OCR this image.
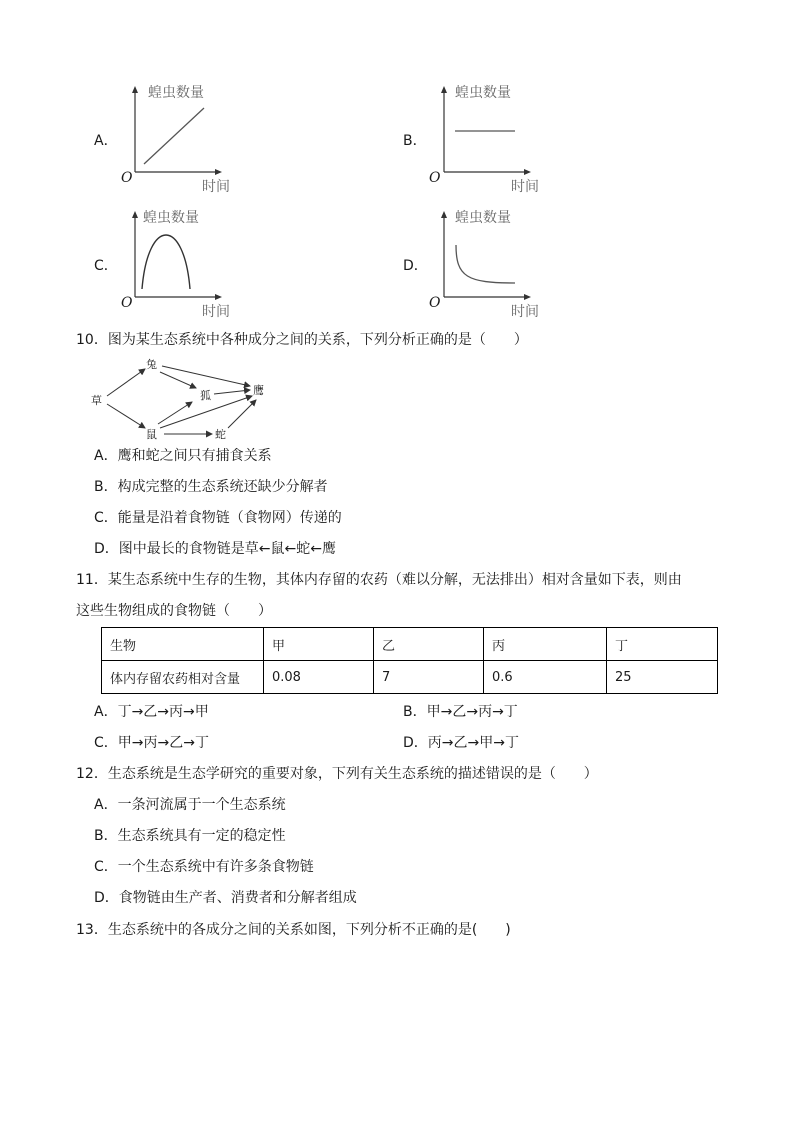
A．
蝗虫数量
时间
O
B．
蝗虫数量
时间
O
C．
蝗虫数量
时间
O
D．
蝗虫数量
时间
O
10．图为某生态系统中各种成分之间的关系，下列分析正确的是（　　）
草
兔
狐	鹰
鼠	蛇
A．鹰和蛇之间只有捕食关系
B．构成完整的生态系统还缺少分解者
C．能量是沿着食物链（食物网）传递的
D．图中最长的食物链是草←鼠←蛇←鹰
11．某生态系统中生存的生物，其体内存留的农药（难以分解，无法排出）相对含量如下表，则由
这些生物组成的食物链（　　）
生物	甲	乙	丙	丁
体内存留农药相对含量	0.08	7	0.6	25
A．丁→乙→丙→甲	B．甲→乙→丙→丁
C．甲→丙→乙→丁	D．丙→乙→甲→丁
12．生态系统是生态学研究的重要对象，下列有关生态系统的描述错误的是（　　）
A．一条河流属于一个生态系统
B．生态系统具有一定的稳定性
C．一个生态系统中有许多条食物链
D．食物链由生产者、消费者和分解者组成
13．生态系统中的各成分之间的关系如图，下列分析不正确的是(　　)
